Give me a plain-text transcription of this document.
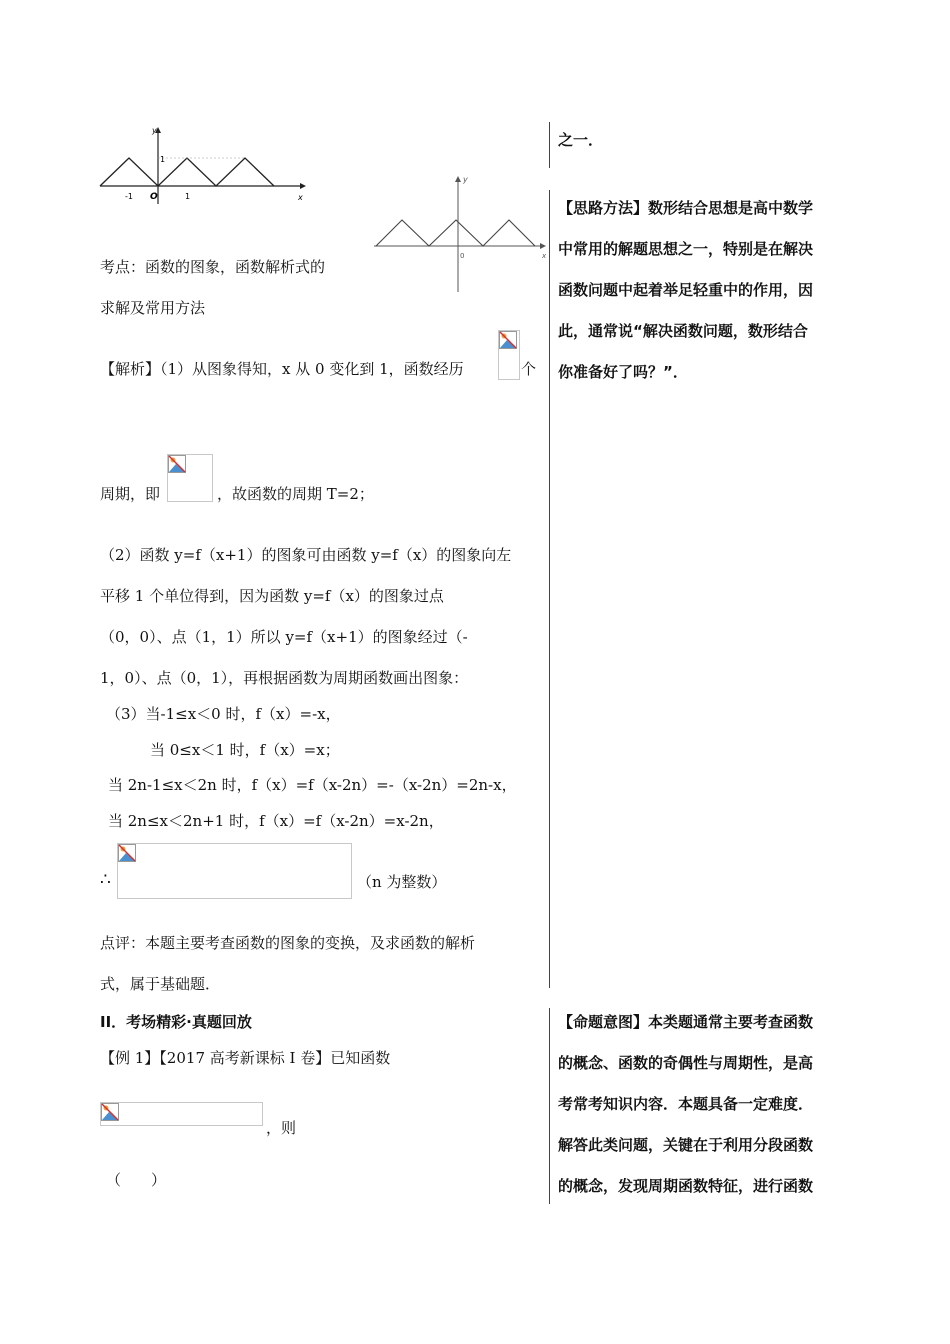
y
1
-1 O	1	x
y
0	x
考点：函数的图象，函数解析式的
求解及常用方法
【解析】（1）从图象得知，x 从 0 变化到 1，函数经历	个
周期，即	，故函数的周期 T=2；
（2）函数 y=f（x+1）的图象可由函数 y=f（x）的图象向左
平移 1 个单位得到，因为函数 y=f（x）的图象过点
（0，0）、点（1，1）所以 y=f（x+1）的图象经过（-
1，0）、点（0，1），再根据函数为周期函数画出图象：
（3）当-1≤x＜0 时，f（x）=-x，
当 0≤x＜1 时，f（x）=x；
当 2n-1≤x＜2n 时，f（x）=f（x-2n）=-（x-2n）=2n-x，
当 2n≤x＜2n+1 时，f（x）=f（x-2n）=x-2n，
∴	（n 为整数）
点评：本题主要考查函数的图象的变换，及求函数的解析
式，属于基础题．
II．考场精彩·真题回放
【例 1】【2017 高考新课标 I 卷】已知函数
，则
（　　）
之一．
【思路方法】数形结合思想是高中数学
中常用的解题思想之一，特别是在解决
函数问题中起着举足轻重中的作用，因
此，通常说“解决函数问题，数形结合
你准备好了吗？”．
【命题意图】本类题通常主要考查函数
的概念、函数的奇偶性与周期性，是高
考常考知识内容．本题具备一定难度．
解答此类问题，关键在于利用分段函数
的概念，发现周期函数特征，进行函数
